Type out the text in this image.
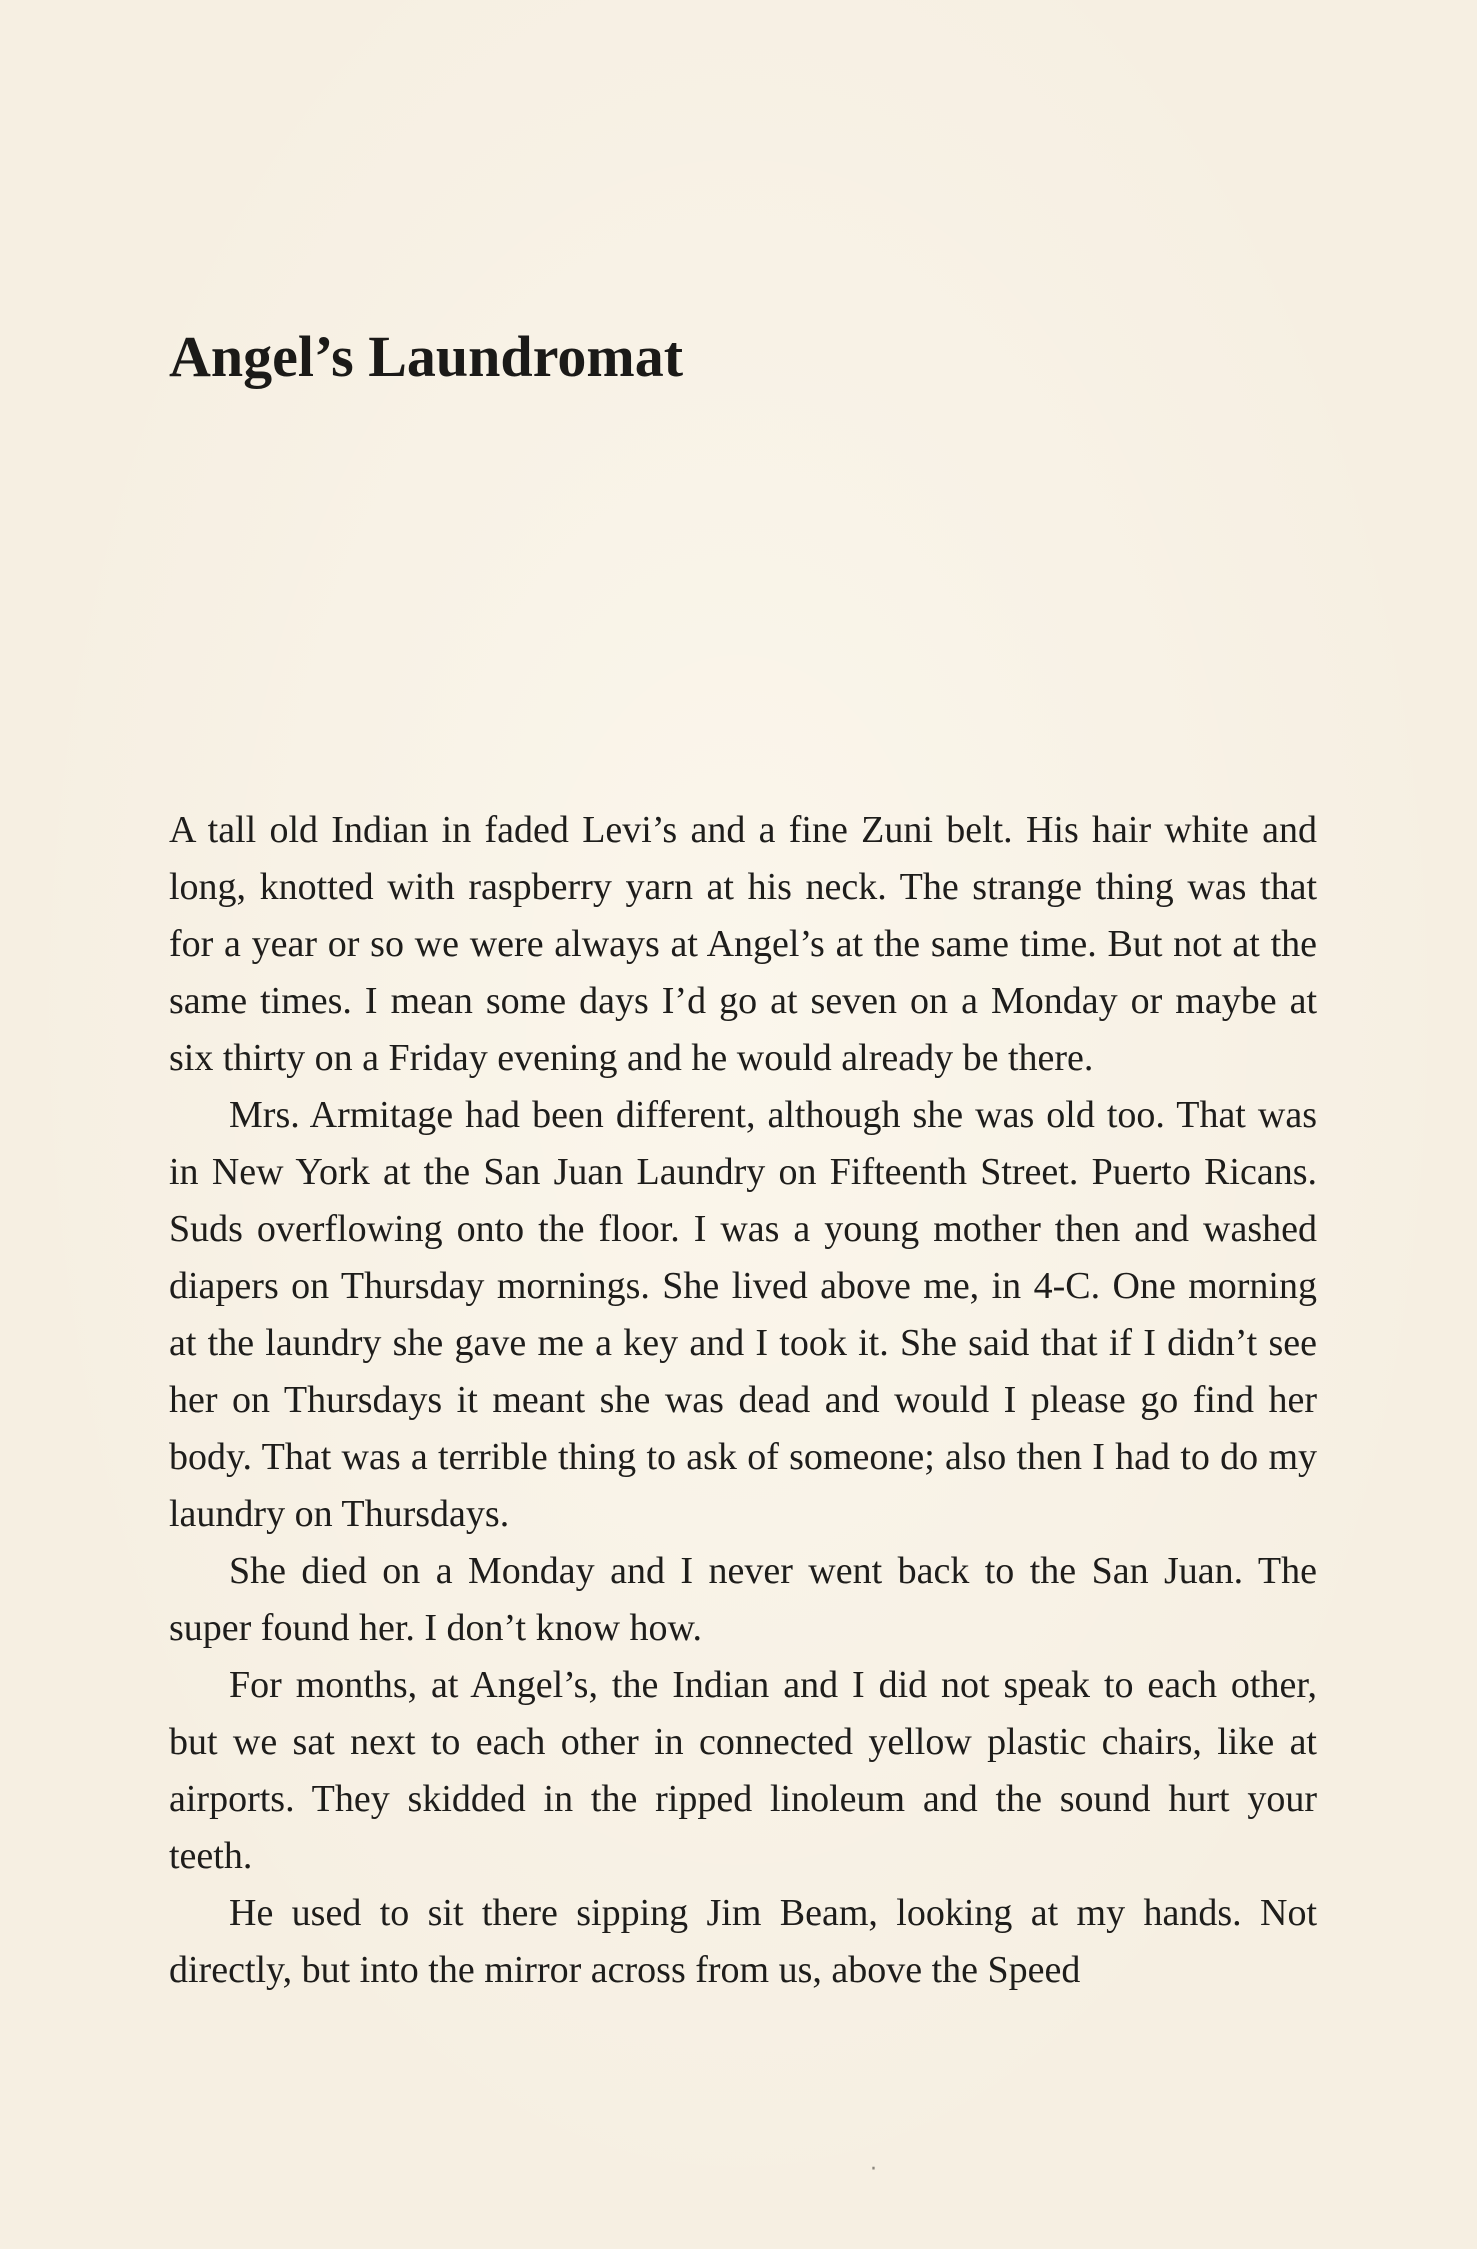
Angel’s Laundromat

A tall old Indian in faded Levi’s and a fine Zuni belt. His hair white and long, knotted with raspberry yarn at his neck. The strange thing was that for a year or so we were always at Angel’s at the same time. But not at the same times. I mean some days I’d go at seven on a Monday or maybe at six thirty on a Friday evening and he would already be there.

Mrs. Armitage had been different, although she was old too. That was in New York at the San Juan Laundry on Fifteenth Street. Puerto Ricans. Suds overflowing onto the floor. I was a young mother then and washed diapers on Thursday mornings. She lived above me, in 4-C. One morning at the laundry she gave me a key and I took it. She said that if I didn’t see her on Thursdays it meant she was dead and would I please go find her body. That was a terrible thing to ask of someone; also then I had to do my laundry on Thursdays.

She died on a Monday and I never went back to the San Juan. The super found her. I don’t know how.

For months, at Angel’s, the Indian and I did not speak to each other, but we sat next to each other in connected yellow plastic chairs, like at airports. They skidded in the ripped linoleum and the sound hurt your teeth.

He used to sit there sipping Jim Beam, looking at my hands. Not directly, but into the mirror across from us, above the Speed

·
